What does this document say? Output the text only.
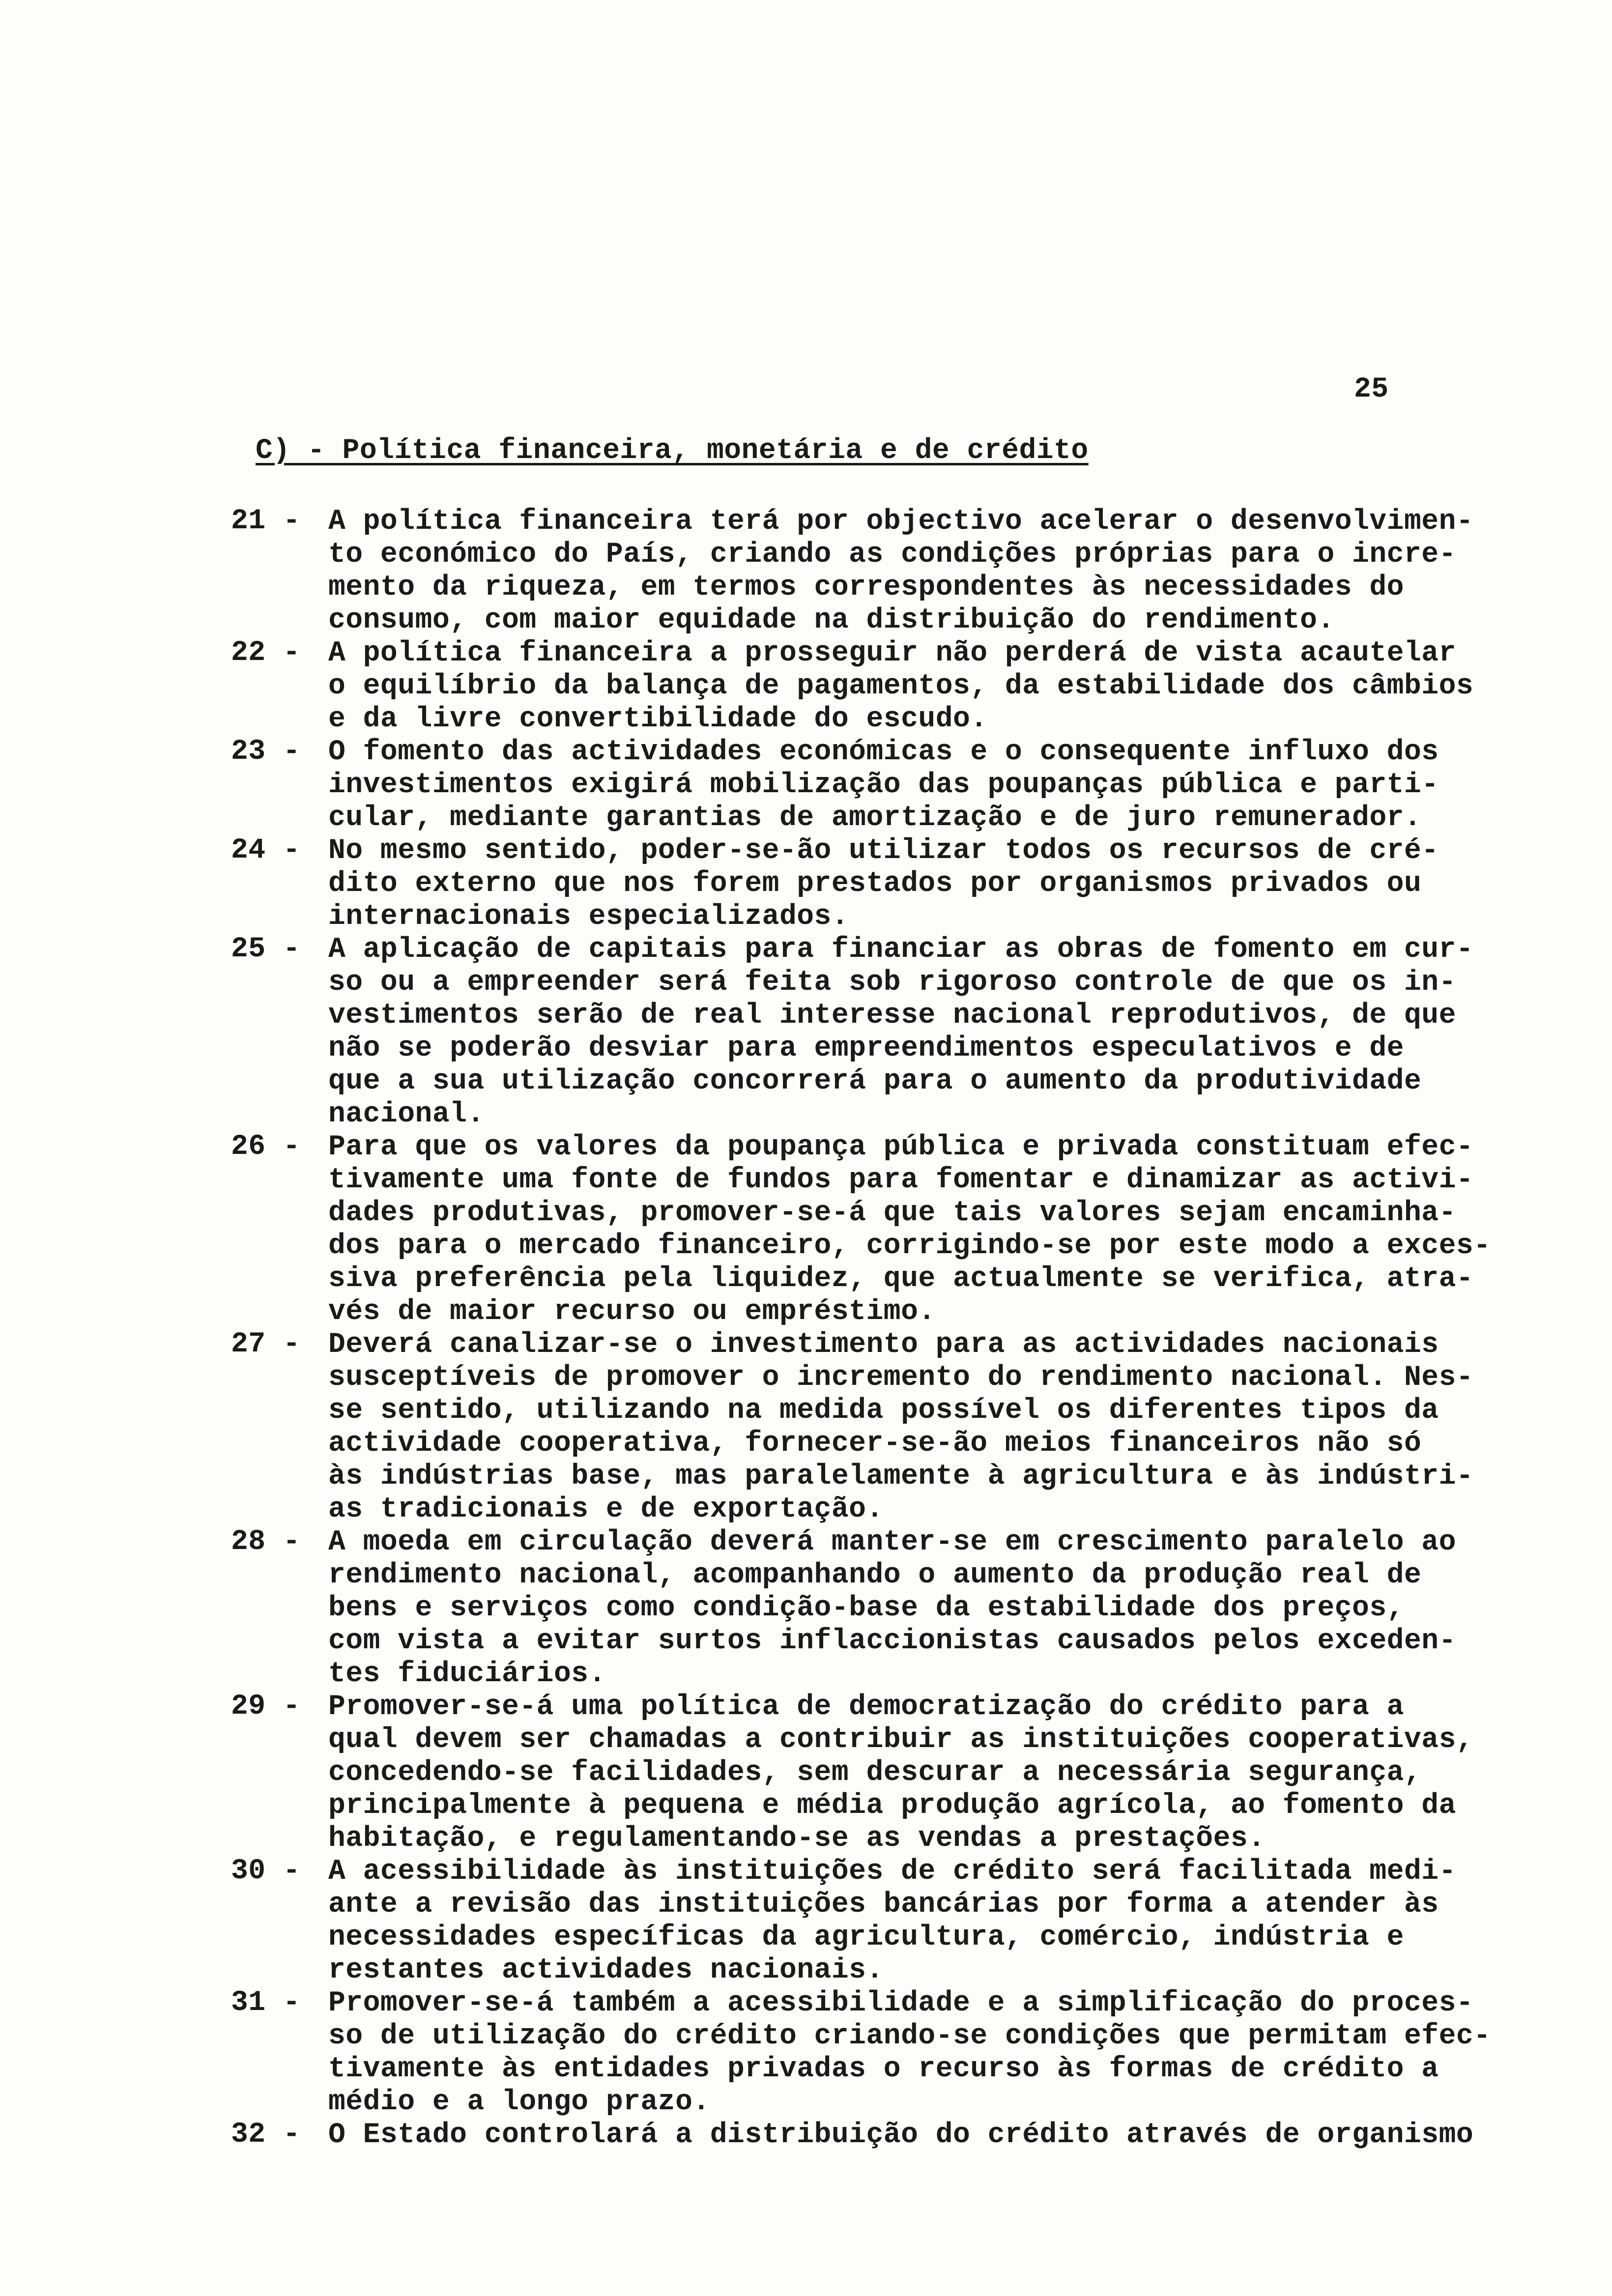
25
C) - Política financeira, monetária e de crédito
21 - A política financeira terá por objectivo acelerar o desenvolvimen-
to económico do País, criando as condições próprias para o incre-
mento da riqueza, em termos correspondentes às necessidades do
consumo, com maior equidade na distribuição do rendimento.
22 - A política financeira a prosseguir não perderá de vista acautelar
o equilíbrio da balança de pagamentos, da estabilidade dos câmbios
e da livre convertibilidade do escudo.
23 - O fomento das actividades económicas e o consequente influxo dos
investimentos exigirá mobilização das poupanças pública e parti-
cular, mediante garantias de amortização e de juro remunerador.
24 - No mesmo sentido, poder-se-ão utilizar todos os recursos de cré-
dito externo que nos forem prestados por organismos privados ou
internacionais especializados.
25 - A aplicação de capitais para financiar as obras de fomento em cur-
so ou a empreender será feita sob rigoroso controle de que os in-
vestimentos serão de real interesse nacional reprodutivos, de que
não se poderão desviar para empreendimentos especulativos e de
que a sua utilização concorrerá para o aumento da produtividade
nacional.
26 - Para que os valores da poupança pública e privada constituam efec-
tivamente uma fonte de fundos para fomentar e dinamizar as activi-
dades produtivas, promover-se-á que tais valores sejam encaminha-
dos para o mercado financeiro, corrigindo-se por este modo a exces-
siva preferência pela liquidez, que actualmente se verifica, atra-
vés de maior recurso ou empréstimo.
27 - Deverá canalizar-se o investimento para as actividades nacionais
susceptíveis de promover o incremento do rendimento nacional. Nes-
se sentido, utilizando na medida possível os diferentes tipos da
actividade cooperativa, fornecer-se-ão meios financeiros não só
às indústrias base, mas paralelamente à agricultura e às indústri-
as tradicionais e de exportação.
28 - A moeda em circulação deverá manter-se em crescimento paralelo ao
rendimento nacional, acompanhando o aumento da produção real de
bens e serviços como condição-base da estabilidade dos preços,
com vista a evitar surtos inflaccionistas causados pelos exceden-
tes fiduciários.
29 - Promover-se-á uma política de democratização do crédito para a
qual devem ser chamadas a contribuir as instituições cooperativas,
concedendo-se facilidades, sem descurar a necessária segurança,
principalmente à pequena e média produção agrícola, ao fomento da
habitação, e regulamentando-se as vendas a prestações.
30 - A acessibilidade às instituições de crédito será facilitada medi-
ante a revisão das instituições bancárias por forma a atender às
necessidades específicas da agricultura, comércio, indústria e
restantes actividades nacionais.
31 - Promover-se-á também a acessibilidade e a simplificação do proces-
so de utilização do crédito criando-se condições que permitam efec-
tivamente às entidades privadas o recurso às formas de crédito a
médio e a longo prazo.
32 - O Estado controlará a distribuição do crédito através de organismo
